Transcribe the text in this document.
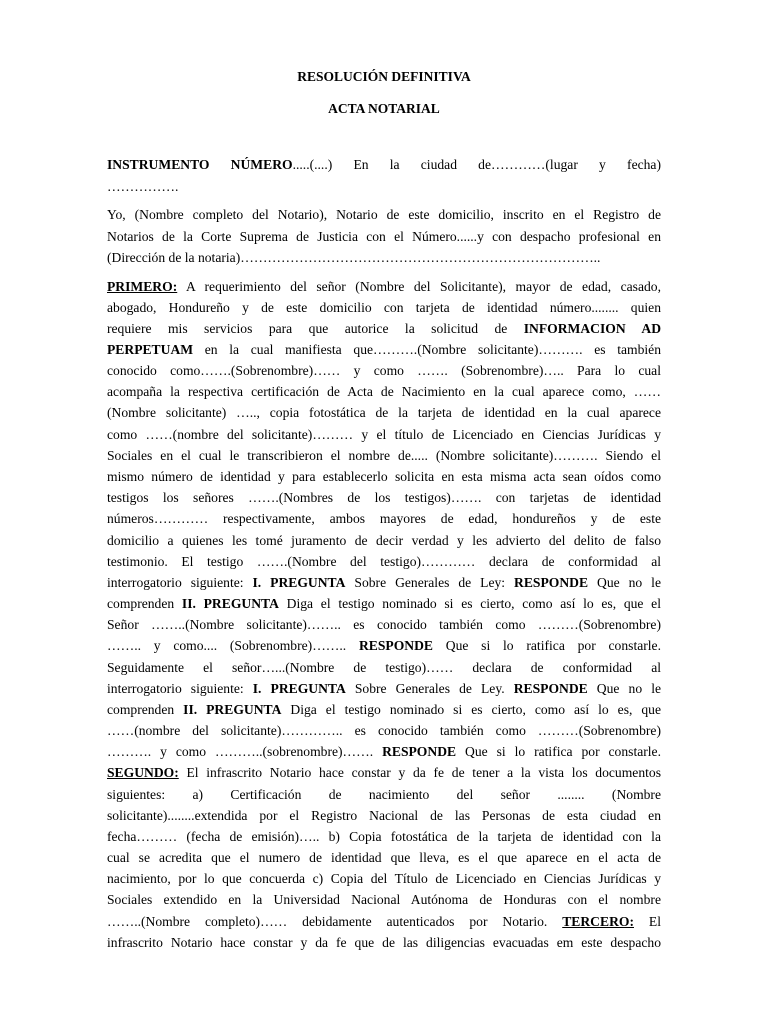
RESOLUCIÓN DEFINITIVA
ACTA NOTARIAL
INSTRUMENTO NÚMERO.....(....) En la ciudad de…………(lugar y fecha)
…………….
Yo, (Nombre completo del Notario), Notario de este domicilio, inscrito en el Registro de
Notarios de la Corte Suprema de Justicia con el Número......y con despacho profesional en
(Dirección de la notaria)……………………………………………………………………..
PRIMERO: A requerimiento del señor (Nombre del Solicitante), mayor de edad, casado,
abogado, Hondureño y de este domicilio con tarjeta de identidad número........ quien
requiere mis servicios para que autorice la solicitud de INFORMACION AD
PERPETUAM en la cual manifiesta que……….(Nombre solicitante)………. es también
conocido como…….(Sobrenombre)…… y como ……. (Sobrenombre)….. Para lo cual
acompaña la respectiva certificación de Acta de Nacimiento en la cual aparece como, ……
(Nombre solicitante) ….., copia fotostática de la tarjeta de identidad en la cual aparece
como ……(nombre del solicitante)……… y el título de Licenciado en Ciencias Jurídicas y
Sociales en el cual le transcribieron el nombre de..... (Nombre solicitante)………. Siendo el
mismo número de identidad y para establecerlo solicita en esta misma acta sean oídos como
testigos los señores …….(Nombres de los testigos)……. con tarjetas de identidad
números………… respectivamente, ambos mayores de edad, hondureños y de este
domicilio a quienes les tomé juramento de decir verdad y les advierto del delito de falso
testimonio. El testigo …….(Nombre del testigo)………… declara de conformidad al
interrogatorio siguiente: I. PREGUNTA Sobre Generales de Ley: RESPONDE Que no le
comprenden II. PREGUNTA Diga el testigo nominado si es cierto, como así lo es, que el
Señor ……..(Nombre solicitante)…….. es conocido también como ………(Sobrenombre)
…….. y como.... (Sobrenombre)…….. RESPONDE Que si lo ratifica por constarle.
Seguidamente el señor…...(Nombre de testigo)…… declara de conformidad al
interrogatorio siguiente: I. PREGUNTA Sobre Generales de Ley. RESPONDE Que no le
comprenden II. PREGUNTA Diga el testigo nominado si es cierto, como así lo es, que
……(nombre del solicitante)………….. es conocido también como ………(Sobrenombre)
………. y como ………..(sobrenombre)……. RESPONDE Que si lo ratifica por constarle.
SEGUNDO: El infrascrito Notario hace constar y da fe de tener a la vista los documentos
siguientes: a) Certificación de nacimiento del señor ........ (Nombre
solicitante)........extendida por el Registro Nacional de las Personas de esta ciudad en
fecha……… (fecha de emisión)….. b) Copia fotostática de la tarjeta de identidad con la
cual se acredita que el numero de identidad que lleva, es el que aparece en el acta de
nacimiento, por lo que concuerda c) Copia del Título de Licenciado en Ciencias Jurídicas y
Sociales extendido en la Universidad Nacional Autónoma de Honduras con el nombre
……..(Nombre completo)…… debidamente autenticados por Notario. TERCERO: El
infrascrito Notario hace constar y da fe que de las diligencias evacuadas em este despacho
